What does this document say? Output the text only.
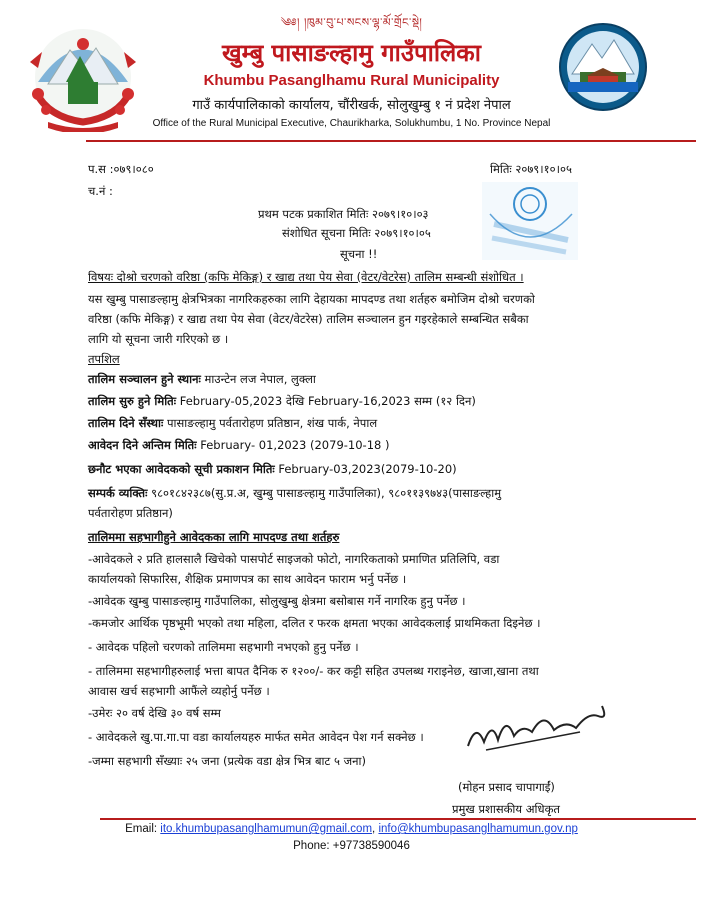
༄༅། །ཁུམ་བུ་པ་སངས་ལྷ་མོ་གྲོང་སྡེ།
खुम्बु पासाङल्हामु गाउँपालिका
Khumbu Pasanglhamu Rural Municipality
गाउँ कार्यपालिकाको कार्यालय, चौंरीखर्क, सोलुखुम्बु १ नं प्रदेश नेपाल
Office of the Rural Municipal Executive, Chaurikharka, Solukhumbu, 1 No. Province Nepal
प.स :०७९।०८०	मितिः २०७९।१०।०५
च.नं :
प्रथम पटक प्रकाशित मितिः २०७९।१०।०३
संशोधित सूचना मितिः २०७९।१०।०५
सूचना !!
विषयः दोश्रो चरणको वरिष्ठा (कफि मेकिङ्ग) र खाद्य तथा पेय सेवा (वेटर/वेटरेस) तालिम सम्बन्धी संशोधित ।
यस खुम्बु पासाङल्हामु क्षेत्रभित्रका नागरिकहरुका लागि देहायका मापदण्ड तथा शर्तहरु बमोजिम दोश्रो चरणको
वरिष्ठा (कफि मेकिङ्ग) र खाद्य तथा पेय सेवा (वेटर/वेटरेस) तालिम सञ्चालन हुन गइरहेकाले सम्बन्धित सबैका
लागि यो सूचना जारी गरिएको छ ।
तपशिल
तालिम सञ्चालन हुने स्थानः माउन्टेन लज नेपाल, लुक्ला
तालिम सुरु हुने मितिः February-05,2023 देखि February-16,2023 सम्म (१२ दिन)
तालिम दिने सँस्थाः पासाङल्हामु पर्वतारोहण प्रतिष्ठान, शंख पार्क, नेपाल
आवेदन दिने अन्तिम मितिः February- 01,2023 (2079-10-18 )
छनौट भएका आवेदकको सूची प्रकाशन मितिः February-03,2023(2079-10-20)
सम्पर्क व्यक्तिः ९८०१८४२३८७(सु.प्र.अ, खुम्बु पासाङल्हामु गाउँपालिका), ९८०११३९७४३(पासाङल्हामु
पर्वतारोहण प्रतिष्ठान)
तालिममा सहभागीहुने आवेदकका लागि मापदण्ड तथा शर्तहरु
-आवेदकले २ प्रति हालसालै खिचेको पासपोर्ट साइजको फोटो, नागरिकताको प्रमाणित प्रतिलिपि, वडा
कार्यालयको सिफारिस, शैक्षिक प्रमाणपत्र का साथ आवेदन फाराम भर्नु पर्नेछ ।
-आवेदक खुम्बु पासाङल्हामु गाउँपालिका, सोलुखुम्बु क्षेत्रमा बसोबास गर्ने नागरिक हुनु पर्नेछ ।
-कमजोर आर्थिक पृष्ठभूमी भएको तथा महिला, दलित र फरक क्षमता भएका आवेदकलाई प्राथमिकता दिइनेछ ।
- आवेदक पहिलो चरणको तालिममा सहभागी नभएको हुनु पर्नेछ ।
- तालिममा सहभागीहरुलाई भत्ता बापत दैनिक रु १२००/- कर कट्टी सहित उपलब्ध गराइनेछ, खाजा,खाना तथा
आवास खर्च सहभागी आफैंले व्यहोर्नु पर्नेछ ।
-उमेरः २० वर्ष देखि ३० वर्ष सम्म
- आवेदकले खु.पा.गा.पा वडा कार्यालयहरु मार्फत समेत आवेदन पेश गर्न सक्नेछ ।
-जम्मा सहभागी सँख्याः २५ जना (प्रत्येक वडा क्षेत्र भित्र बाट ५ जना)
(मोहन प्रसाद चापागाईं)
प्रमुख प्रशासकीय अधिकृत
Email: ito.khumbupasanglhamumun@gmail.com, info@khumbupasanglhamumun.gov.np
Phone: +97738590046
